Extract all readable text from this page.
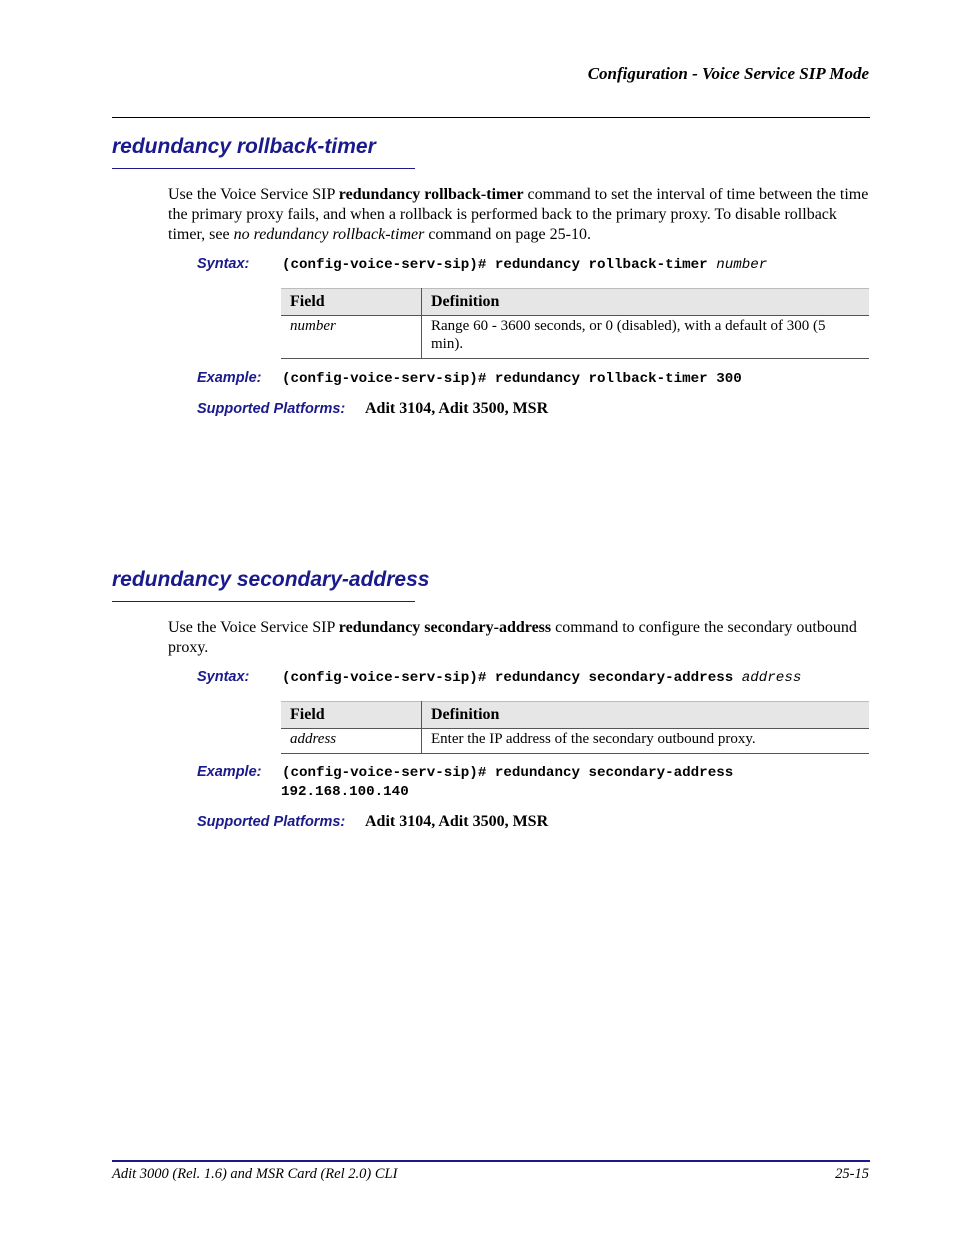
Configuration - Voice Service SIP Mode
redundancy rollback-timer
Use the Voice Service SIP redundancy rollback-timer command to set the interval of time between the time the primary proxy fails, and when a rollback is performed back to the primary proxy. To disable rollback timer, see no redundancy rollback-timer command on page 25-10.
Syntax: (config-voice-serv-sip)# redundancy rollback-timer number
Field	Definition
number	Range 60 - 3600 seconds, or 0 (disabled), with a default of 300 (5 min).
Example: (config-voice-serv-sip)# redundancy rollback-timer 300
Supported Platforms: Adit 3104, Adit 3500, MSR
redundancy secondary-address
Use the Voice Service SIP redundancy secondary-address command to configure the secondary outbound proxy.
Syntax: (config-voice-serv-sip)# redundancy secondary-address address
Field	Definition
address	Enter the IP address of the secondary outbound proxy.
Example: (config-voice-serv-sip)# redundancy secondary-address
192.168.100.140
Supported Platforms: Adit 3104, Adit 3500, MSR
Adit 3000 (Rel. 1.6) and MSR Card (Rel 2.0) CLI	25-15
